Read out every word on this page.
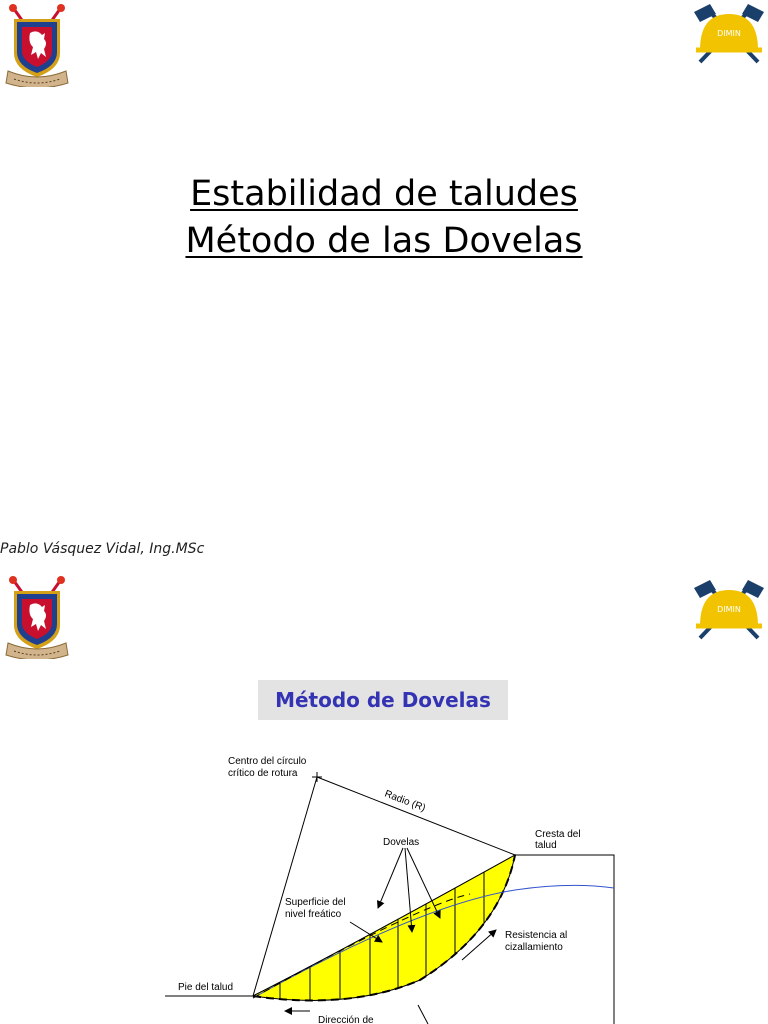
DIMIN
Estabilidad de taludes
Método de las Dovelas
Pablo Vásquez Vidal, Ing.MSc
DIMIN
Método de Dovelas
Centro del círculo
crítico de rotura
Radio (R)
Cresta del
talud
Dovelas
Superficie del
nivel freático
Resistencia al
cizallamiento
Pie del talud
Dirección de
